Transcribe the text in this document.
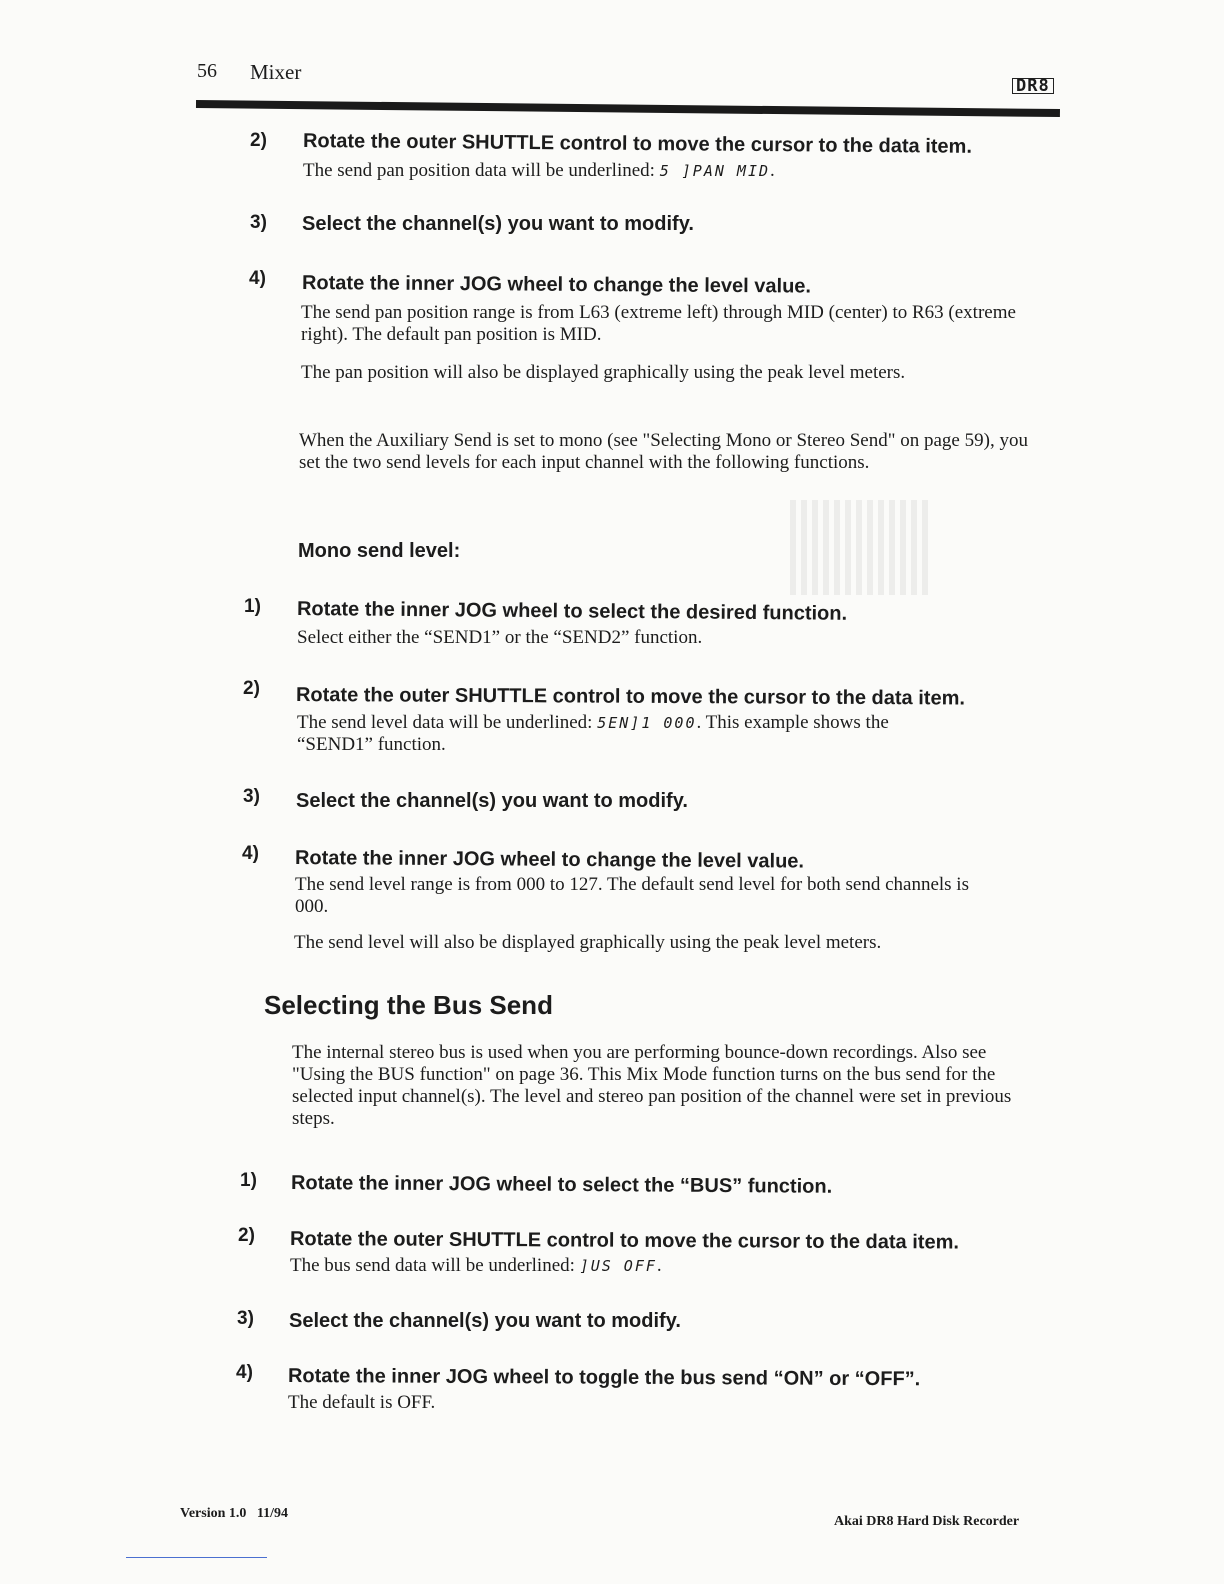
56 Mixer
DR8
2) Rotate the outer SHUTTLE control to move the cursor to the data item.
The send pan position data will be underlined: 5 ]PAN MID.
3) Select the channel(s) you want to modify.
4) Rotate the inner JOG wheel to change the level value.
The send pan position range is from L63 (extreme left) through MID (center) to R63 (extreme right). The default pan position is MID.
The pan position will also be displayed graphically using the peak level meters.
When the Auxiliary Send is set to mono (see "Selecting Mono or Stereo Send" on page 59), you set the two send levels for each input channel with the following functions.
Mono send level:
1) Rotate the inner JOG wheel to select the desired function.
Select either the “SEND1” or the “SEND2” function.
2) Rotate the outer SHUTTLE control to move the cursor to the data item.
The send level data will be underlined: 5EN]1 000. This example shows the
“SEND1” function.
3) Select the channel(s) you want to modify.
4) Rotate the inner JOG wheel to change the level value.
The send level range is from 000 to 127. The default send level for both send channels is 000.
The send level will also be displayed graphically using the peak level meters.
Selecting the Bus Send
The internal stereo bus is used when you are performing bounce-down recordings. Also see "Using the BUS function" on page 36. This Mix Mode function turns on the bus send for the selected input channel(s). The level and stereo pan position of the channel were set in previous steps.
1) Rotate the inner JOG wheel to select the “BUS” function.
2) Rotate the outer SHUTTLE control to move the cursor to the data item.
The bus send data will be underlined: ]US OFF.
3) Select the channel(s) you want to modify.
4) Rotate the inner JOG wheel to toggle the bus send “ON” or “OFF”.
The default is OFF.
Version 1.0   11/94
Akai DR8 Hard Disk Recorder
